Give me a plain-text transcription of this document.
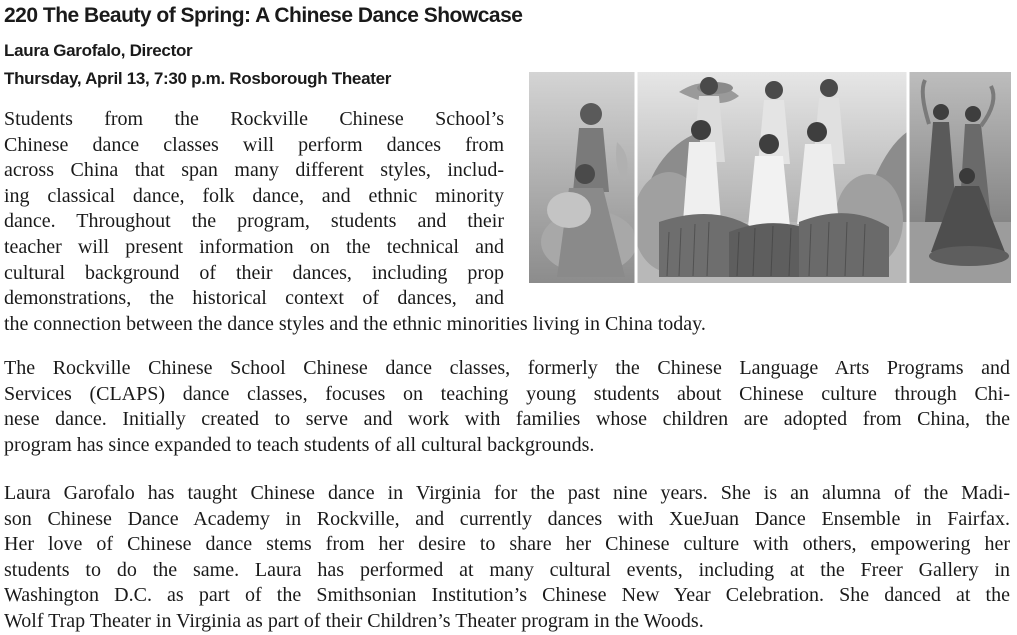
220 The Beauty of Spring: A Chinese Dance Showcase

Laura Garofalo, Director

Thursday, April 13, 7:30 p.m. Rosborough Theater

Students from the Rockville Chinese School’s
Chinese dance classes will perform dances from
across China that span many different styles, includ-
ing classical dance, folk dance, and ethnic minority
dance. Throughout the program, students and their
teacher will present information on the technical and
cultural background of their dances, including prop
demonstrations, the historical context of dances, and
the connection between the dance styles and the ethnic minorities living in China today.
The Rockville Chinese School Chinese dance classes, formerly the Chinese Language Arts Programs and
Services (CLAPS) dance classes, focuses on teaching young students about Chinese culture through Chi-
nese dance. Initially created to serve and work with families whose children are adopted from China, the
program has since expanded to teach students of all cultural backgrounds.
Laura Garofalo has taught Chinese dance in Virginia for the past nine years. She is an alumna of the Madi-
son Chinese Dance Academy in Rockville, and currently dances with XueJuan Dance Ensemble in Fairfax.
Her love of Chinese dance stems from her desire to share her Chinese culture with others, empowering her
students to do the same. Laura has performed at many cultural events, including at the Freer Gallery in
Washington D.C. as part of the Smithsonian Institution’s Chinese New Year Celebration. She danced at the
Wolf Trap Theater in Virginia as part of their Children’s Theater program in the Woods.
